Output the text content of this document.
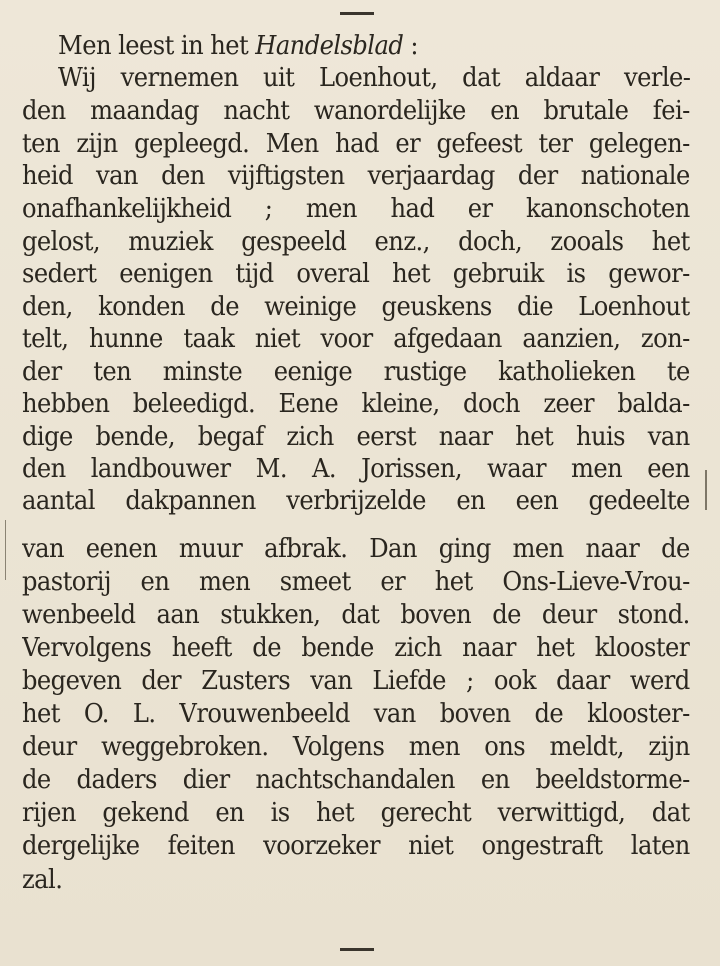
Men leest in het Handelsblad :
Wij vernemen uit Loenhout, dat aldaar verle-
den maandag nacht wanordelijke en brutale fei-
ten zijn gepleegd. Men had er gefeest ter gelegen-
heid van den vijftigsten verjaardag der nationale
onafhankelijkheid ; men had er kanonschoten
gelost, muziek gespeeld enz., doch, zooals het
sedert eenigen tijd overal het gebruik is gewor-
den, konden de weinige geuskens die Loenhout
telt, hunne taak niet voor afgedaan aanzien, zon-
der ten minste eenige rustige katholieken te
hebben beleedigd. Eene kleine, doch zeer balda-
dige bende, begaf zich eerst naar het huis van
den landbouwer M. A. Jorissen, waar men een
aantal dakpannen verbrijzelde en een gedeelte
van eenen muur afbrak. Dan ging men naar de
pastorij en men smeet er het Ons-Lieve-Vrou-
wenbeeld aan stukken, dat boven de deur stond.
Vervolgens heeft de bende zich naar het klooster
begeven der Zusters van Liefde ; ook daar werd
het O. L. Vrouwenbeeld van boven de klooster-
deur weggebroken. Volgens men ons meldt, zijn
de daders dier nachtschandalen en beeldstorme-
rijen gekend en is het gerecht verwittigd, dat
dergelijke feiten voorzeker niet ongestraft laten
zal.
